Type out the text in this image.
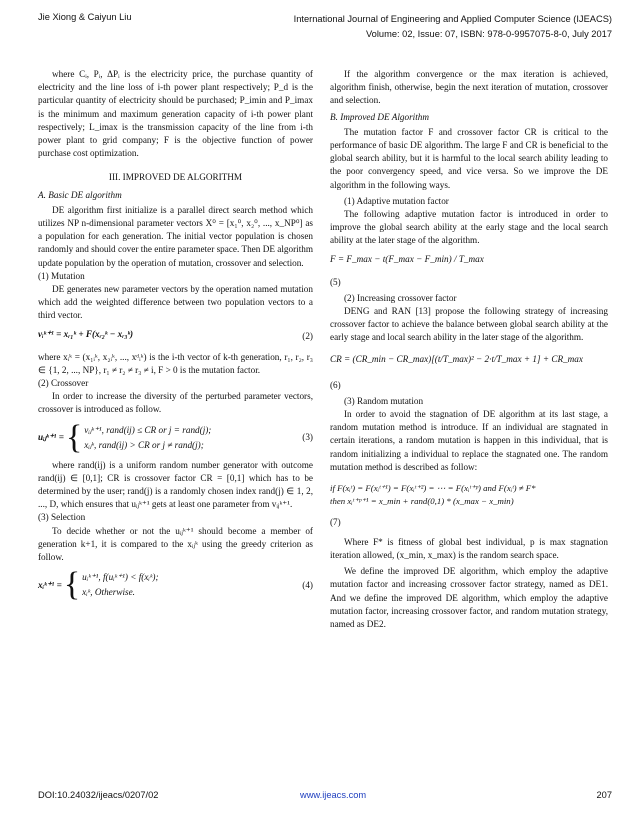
Jie Xiong & Caiyun Liu	International Journal of Engineering and Applied Computer Science (IJEACS)
Volume: 02, Issue: 07, ISBN: 978-0-9957075-8-0, July 2017

where Cᵢ, Pᵢ, ΔPᵢ is the electricity price, the purchase quantity of electricity and the line loss of i-th power plant respectively; P_d is the particular quantity of electricity should be purchased; P_imin and P_imax is the minimum and maximum generation capacity of i-th power plant respectively; L_imax is the transmission capacity of the line from i-th power plant to grid company; F is the objective function of power purchase cost optimization.

III. IMPROVED DE ALGORITHM
A. Basic DE algorithm

DE algorithm first initialize is a parallel direct search method which utilizes NP n-dimensional parameter vectors X⁰ = [x₁⁰, x₂⁰, ..., x_NP⁰] as a population for each generation. The initial vector population is chosen randomly and should cover the entire parameter space. Then DE algorithm update population by the operation of mutation, crossover and selection.

(1) Mutation

DE generates new parameter vectors by the operation named mutation which add the weighted difference between two population vectors to a third vector.

vᵢᵏ⁺¹ = xᵣ₁ᵏ + F(xᵣ₂ᵏ − xᵣ₃ᵏ)	(2)

where xᵢᵏ = (x₁ᵢᵏ, x₂ᵢᵏ, ..., xᵈᵢᵏ) is the i-th vector of k-th generation, r₁, r₂, r₃ ∈ {1, 2, ..., NP}, r₁ ≠ r₂ ≠ r₃ ≠ i, F > 0 is the mutation factor.

(2) Crossover

In order to increase the diversity of the perturbed parameter vectors, crossover is introduced as follow.

uᵢⱼᵏ⁺¹ = { vᵢⱼᵏ⁺¹, rand(ij) ≤ CR or j = rand(j);
xᵢⱼᵏ, rand(ij) > CR or j ≠ rand(j);
(3)

where rand(ij) is a uniform random number generator with outcome rand(ij) ∈ [0,1]; CR is crossover factor CR = [0,1] which has to be determined by the user; rand(j) is a randomly chosen index rand(j) ∈ 1, 2, ..., D, which ensures that uᵢⱼᵏ⁺¹ gets at least one parameter from vᵢⱼᵏ⁺¹.

(3) Selection

To decide whether or not the uᵢⱼᵏ⁺¹ should become a member of generation k+1, it is compared to the xᵢⱼᵏ using the greedy criterion as follow.

xᵢᵏ⁺¹ = { uᵢᵏ⁺¹, f(uᵢᵏ⁺¹) < f(xᵢᵏ);
xᵢᵏ, Otherwise.
(4)

If the algorithm convergence or the max iteration is achieved, algorithm finish, otherwise, begin the next iteration of mutation, crossover and selection.

B. Improved DE Algorithm

The mutation factor F and crossover factor CR is critical to the performance of basic DE algorithm. The large F and CR is beneficial to the global search ability, but it is harmful to the local search ability leading to the poor convergency speed, and vice versa. So we improve the DE algorithm in the following ways.

(1) Adaptive mutation factor

The following adaptive mutation factor is introduced in order to improve the global search ability at the early stage and the local search ability at the later stage of the algorithm.

F = F_max − t(F_max − F_min) / T_max

(5)

(2) Increasing crossover factor

DENG and RAN [13] propose the following strategy of increasing crossover factor to achieve the balance between global search ability at the early stage and local search ability in the later stage of the algorithm.

CR = (CR_min − CR_max)[(t/T_max)² − 2·t/T_max + 1] + CR_max

(6)

(3) Random mutation

In order to avoid the stagnation of DE algorithm at its last stage, a random mutation method is introduce. If an individual are stagnated in certain iterations, a random mutation is happen in this individual, that is random initializing a individual to replace the stagnated one. The random mutation method is described as follow:

if F(xᵢᵗ) = F(xᵢᵗ⁺¹) = F(xᵢᵗ⁺²) = ⋯ = F(xᵢᵗ⁺ᵖ) and F(xᵢᵗ) ≠ F*
then xᵢᵗ⁺ᵖ⁺¹ = x_min + rand(0,1) * (x_max − x_min)

(7)

Where F* is fitness of global best individual, p is max stagnation iteration allowed, (x_min, x_max) is the random search space.

We define the improved DE algorithm, which employ the adaptive mutation factor and increasing crossover factor strategy, named as DE1. And we define the improved DE algorithm, which employ the adaptive mutation factor, increasing crossover factor, and random mutation strategy, named as DE2.

DOI:10.24032/ijeacs/0207/02	www.ijeacs.com	207
